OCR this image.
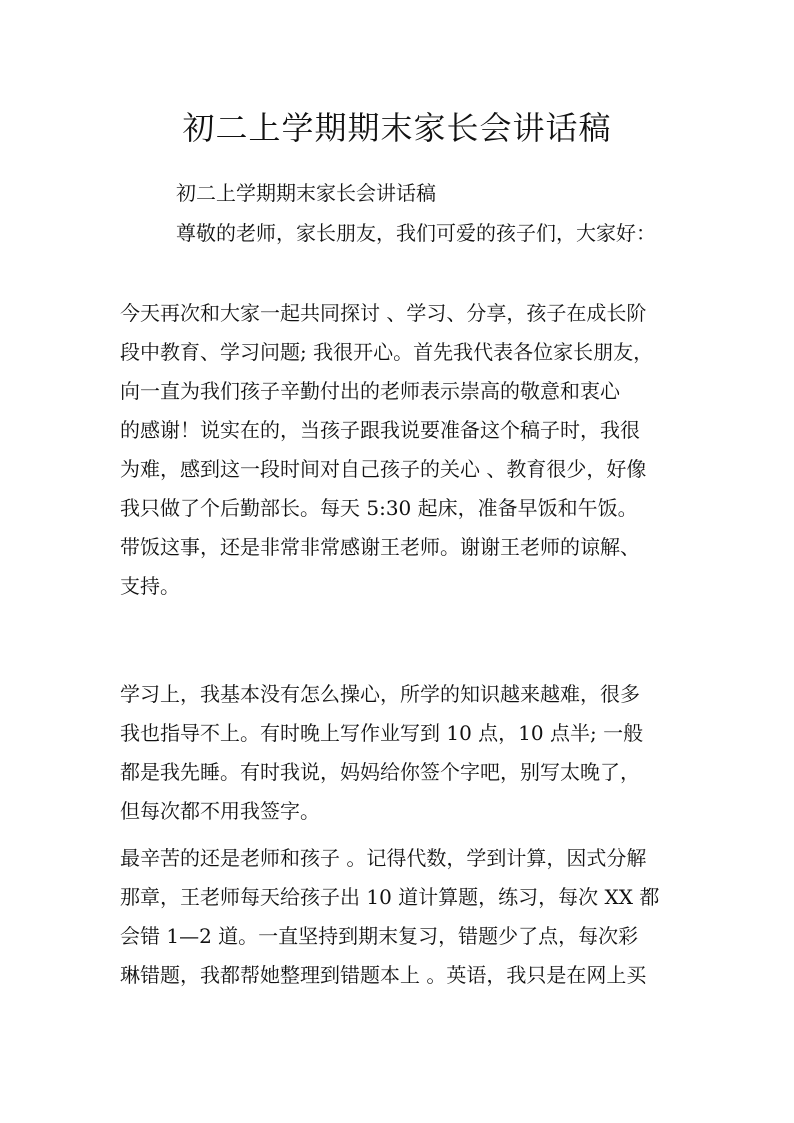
初二上学期期末家长会讲话稿

初二上学期期末家长会讲话稿

尊敬的老师，家长朋友，我们可爱的孩子们，大家好：

今天再次和大家一起共同探讨 、学习、分享，孩子在成长阶
段中教育、学习问题; 我很开心。首先我代表各位家长朋友，
向一直为我们孩子辛勤付出的老师表示崇高的敬意和衷心
的感谢！说实在的，当孩子跟我说要准备这个稿子时，我很
为难，感到这一段时间对自己孩子的关心 、教育很少，好像
我只做了个后勤部长。每天 5:30 起床，准备早饭和午饭。
带饭这事，还是非常非常感谢王老师。谢谢王老师的谅解、
支持。
学习上，我基本没有怎么操心，所学的知识越来越难，很多
我也指导不上。有时晚上写作业写到 10 点，10 点半; 一般
都是我先睡。有时我说，妈妈给你签个字吧，别写太晚了，
但每次都不用我签字。
最辛苦的还是老师和孩子 。记得代数，学到计算，因式分解
那章，王老师每天给孩子出 10 道计算题，练习，每次 XX 都
会错 1—2 道。一直坚持到期末复习，错题少了点，每次彩
琳错题，我都帮她整理到错题本上 。英语，我只是在网上买
